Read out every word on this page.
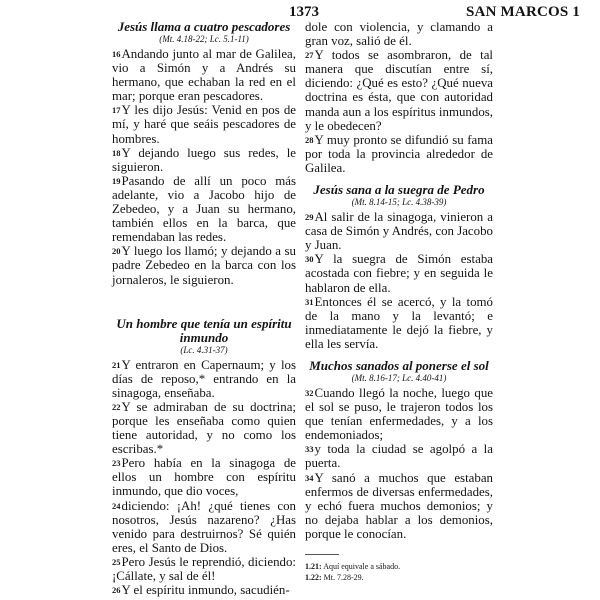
1373	SAN MARCOS 1
Jesús llama a cuatro pescadores
(Mt. 4.18-22; Lc. 5.1-11)
16Andando junto al mar de Galilea, vio a Simón y a Andrés su hermano, que echaban la red en el mar; porque eran pescadores.
17Y les dijo Jesús: Venid en pos de mí, y haré que seáis pescadores de hombres.
18Y dejando luego sus redes, le siguieron.
19Pasando de allí un poco más adelante, vio a Jacobo hijo de Zebedeo, y a Juan su hermano, también ellos en la barca, que remendaban las redes.
20Y luego los llamó; y dejando a su padre Zebedeo en la barca con los jornaleros, le siguieron.
Un hombre que tenía un espíritu inmundo
(Lc. 4.31-37)
21Y entraron en Capernaum; y los días de reposo,* entrando en la sinagoga, enseñaba.
22Y se admiraban de su doctrina; porque les enseñaba como quien tiene autoridad, y no como los escribas.*
23Pero había en la sinagoga de ellos un hombre con espíritu inmundo, que dio voces,
24diciendo: ¡Ah! ¿qué tienes con nosotros, Jesús nazareno? ¿Has venido para destruirnos? Sé quién eres, el Santo de Dios.
25Pero Jesús le reprendió, diciendo: ¡Cállate, y sal de él!
26Y el espíritu inmundo, sacudién-
dole con violencia, y clamando a gran voz, salió de él.
27Y todos se asombraron, de tal manera que discutían entre sí, diciendo: ¿Qué es esto? ¿Qué nueva doctrina es ésta, que con autoridad manda aun a los espíritus inmundos, y le obedecen?
28Y muy pronto se difundió su fama por toda la provincia alrededor de Galilea.
Jesús sana a la suegra de Pedro
(Mt. 8.14-15; Lc. 4.38-39)
29Al salir de la sinagoga, vinieron a casa de Simón y Andrés, con Jacobo y Juan.
30Y la suegra de Simón estaba acostada con fiebre; y en seguida le hablaron de ella.
31Entonces él se acercó, y la tomó de la mano y la levantó; e inmediatamente le dejó la fiebre, y ella les servía.
Muchos sanados al ponerse el sol
(Mt. 8.16-17; Lc. 4.40-41)
32Cuando llegó la noche, luego que el sol se puso, le trajeron todos los que tenían enfermedades, y a los endemoniados;
33y toda la ciudad se agolpó a la puerta.
34Y sanó a muchos que estaban enfermos de diversas enfermedades, y echó fuera muchos demonios; y no dejaba hablar a los demonios, porque le conocían.
1.21: Aquí equivale a sábado.
1.22: Mt. 7.28-29.
